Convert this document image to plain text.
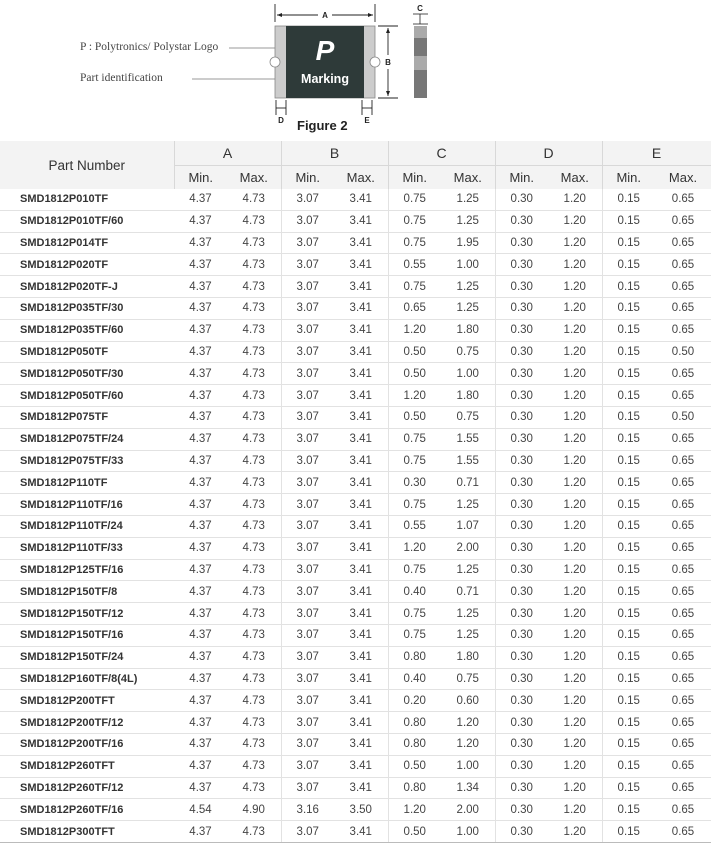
P : Polytronics/ Polystar Logo
Part identification
A
P
Marking
B
D	E
C
Figure 2
Part Number	A		B		C		D		E	
	Min.	Max.	Min.	Max.	Min.	Max.	Min.	Max.	Min.	Max.
SMD1812P010TF	4.37	4.73	3.07	3.41	0.75	1.25	0.30	1.20	0.15	0.65
SMD1812P010TF/60	4.37	4.73	3.07	3.41	0.75	1.25	0.30	1.20	0.15	0.65
SMD1812P014TF	4.37	4.73	3.07	3.41	0.75	1.95	0.30	1.20	0.15	0.65
SMD1812P020TF	4.37	4.73	3.07	3.41	0.55	1.00	0.30	1.20	0.15	0.65
SMD1812P020TF-J	4.37	4.73	3.07	3.41	0.75	1.25	0.30	1.20	0.15	0.65
SMD1812P035TF/30	4.37	4.73	3.07	3.41	0.65	1.25	0.30	1.20	0.15	0.65
SMD1812P035TF/60	4.37	4.73	3.07	3.41	1.20	1.80	0.30	1.20	0.15	0.65
SMD1812P050TF	4.37	4.73	3.07	3.41	0.50	0.75	0.30	1.20	0.15	0.50
SMD1812P050TF/30	4.37	4.73	3.07	3.41	0.50	1.00	0.30	1.20	0.15	0.65
SMD1812P050TF/60	4.37	4.73	3.07	3.41	1.20	1.80	0.30	1.20	0.15	0.65
SMD1812P075TF	4.37	4.73	3.07	3.41	0.50	0.75	0.30	1.20	0.15	0.50
SMD1812P075TF/24	4.37	4.73	3.07	3.41	0.75	1.55	0.30	1.20	0.15	0.65
SMD1812P075TF/33	4.37	4.73	3.07	3.41	0.75	1.55	0.30	1.20	0.15	0.65
SMD1812P110TF	4.37	4.73	3.07	3.41	0.30	0.71	0.30	1.20	0.15	0.65
SMD1812P110TF/16	4.37	4.73	3.07	3.41	0.75	1.25	0.30	1.20	0.15	0.65
SMD1812P110TF/24	4.37	4.73	3.07	3.41	0.55	1.07	0.30	1.20	0.15	0.65
SMD1812P110TF/33	4.37	4.73	3.07	3.41	1.20	2.00	0.30	1.20	0.15	0.65
SMD1812P125TF/16	4.37	4.73	3.07	3.41	0.75	1.25	0.30	1.20	0.15	0.65
SMD1812P150TF/8	4.37	4.73	3.07	3.41	0.40	0.71	0.30	1.20	0.15	0.65
SMD1812P150TF/12	4.37	4.73	3.07	3.41	0.75	1.25	0.30	1.20	0.15	0.65
SMD1812P150TF/16	4.37	4.73	3.07	3.41	0.75	1.25	0.30	1.20	0.15	0.65
SMD1812P150TF/24	4.37	4.73	3.07	3.41	0.80	1.80	0.30	1.20	0.15	0.65
SMD1812P160TF/8(4L)	4.37	4.73	3.07	3.41	0.40	0.75	0.30	1.20	0.15	0.65
SMD1812P200TFT	4.37	4.73	3.07	3.41	0.20	0.60	0.30	1.20	0.15	0.65
SMD1812P200TF/12	4.37	4.73	3.07	3.41	0.80	1.20	0.30	1.20	0.15	0.65
SMD1812P200TF/16	4.37	4.73	3.07	3.41	0.80	1.20	0.30	1.20	0.15	0.65
SMD1812P260TFT	4.37	4.73	3.07	3.41	0.50	1.00	0.30	1.20	0.15	0.65
SMD1812P260TF/12	4.37	4.73	3.07	3.41	0.80	1.34	0.30	1.20	0.15	0.65
SMD1812P260TF/16	4.54	4.90	3.16	3.50	1.20	2.00	0.30	1.20	0.15	0.65
SMD1812P300TFT	4.37	4.73	3.07	3.41	0.50	1.00	0.30	1.20	0.15	0.65
